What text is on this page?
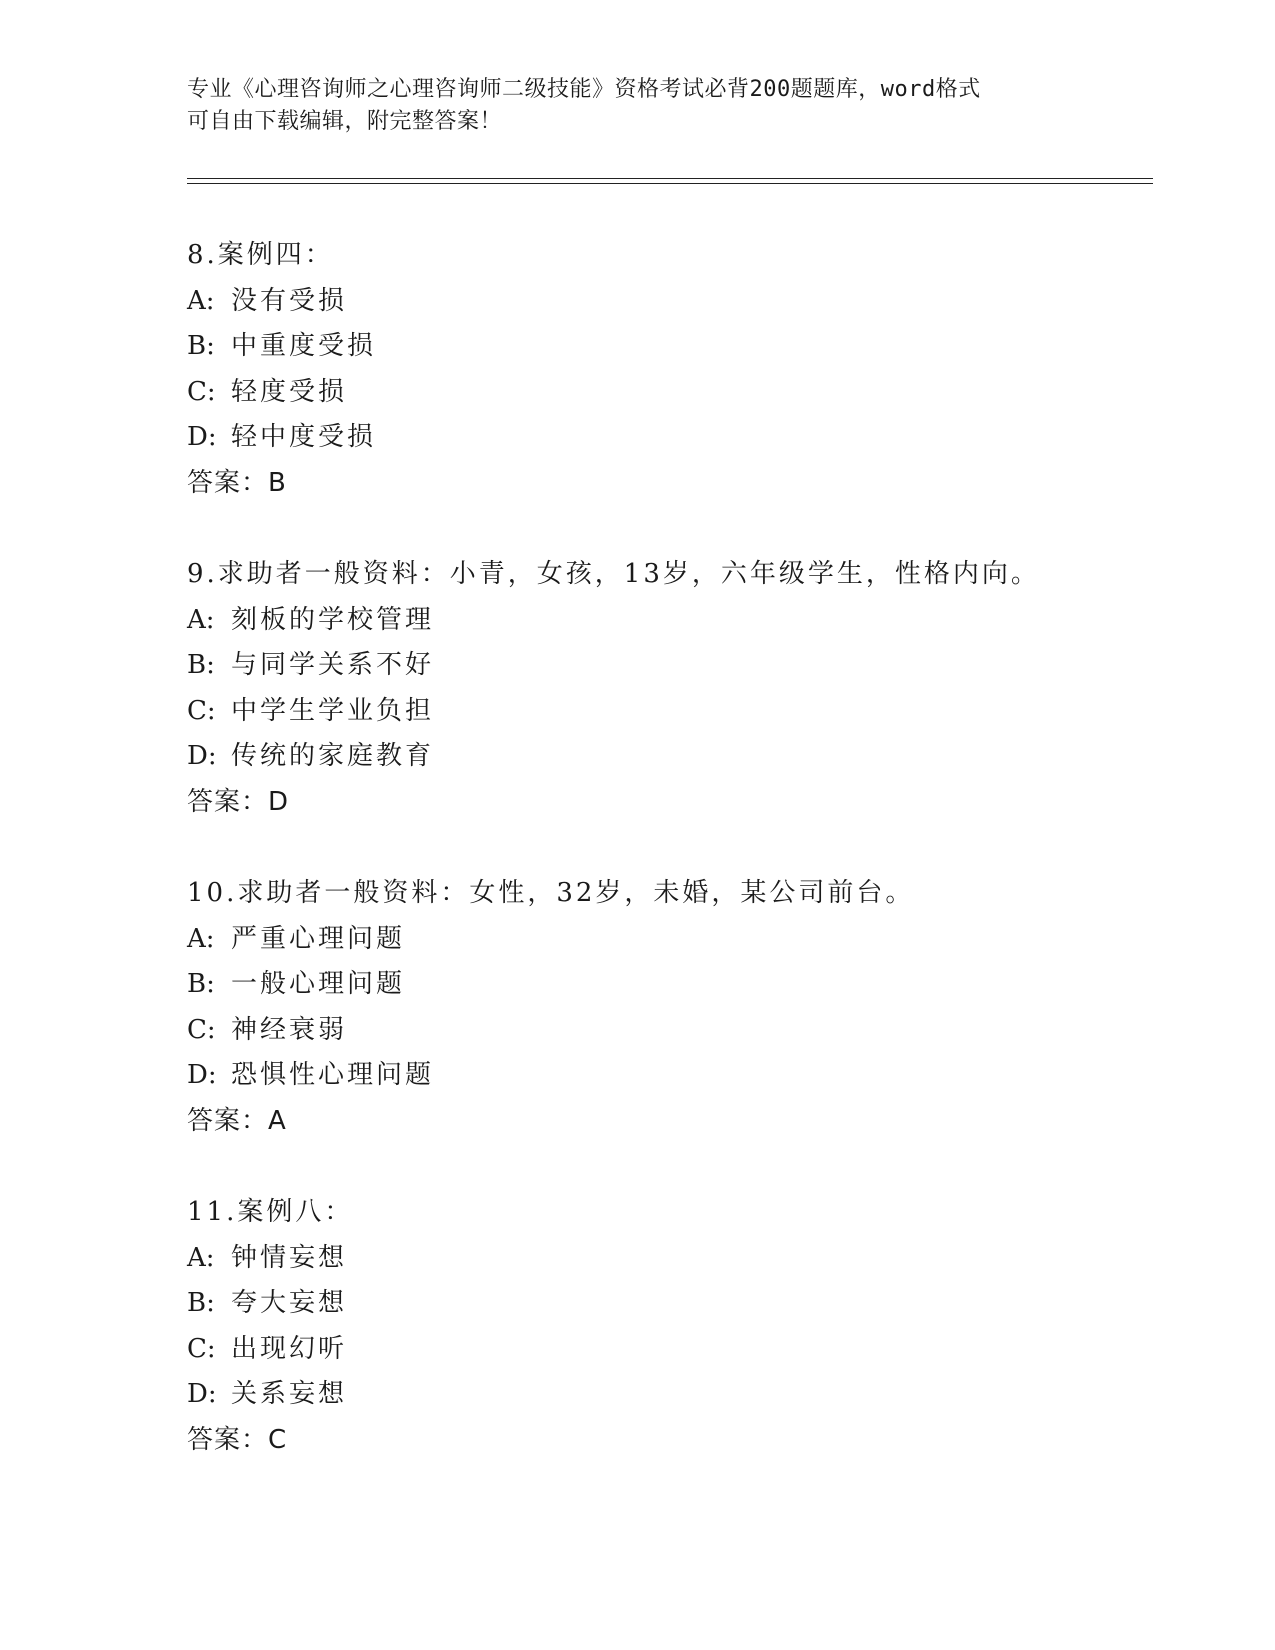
专业《心理咨询师之心理咨询师二级技能》资格考试必背200题题库，word格式
可自由下载编辑，附完整答案！
8.案例四：
A: 没有受损
B: 中重度受损
C: 轻度受损
D: 轻中度受损
答案：B
9.求助者一般资料：小青，女孩，13岁，六年级学生，性格内向。
A: 刻板的学校管理
B: 与同学关系不好
C: 中学生学业负担
D: 传统的家庭教育
答案：D
10.求助者一般资料：女性，32岁，未婚，某公司前台。
A: 严重心理问题
B: 一般心理问题
C: 神经衰弱
D: 恐惧性心理问题
答案：A
11.案例八：
A: 钟情妄想
B: 夸大妄想
C: 出现幻听
D: 关系妄想
答案：C
